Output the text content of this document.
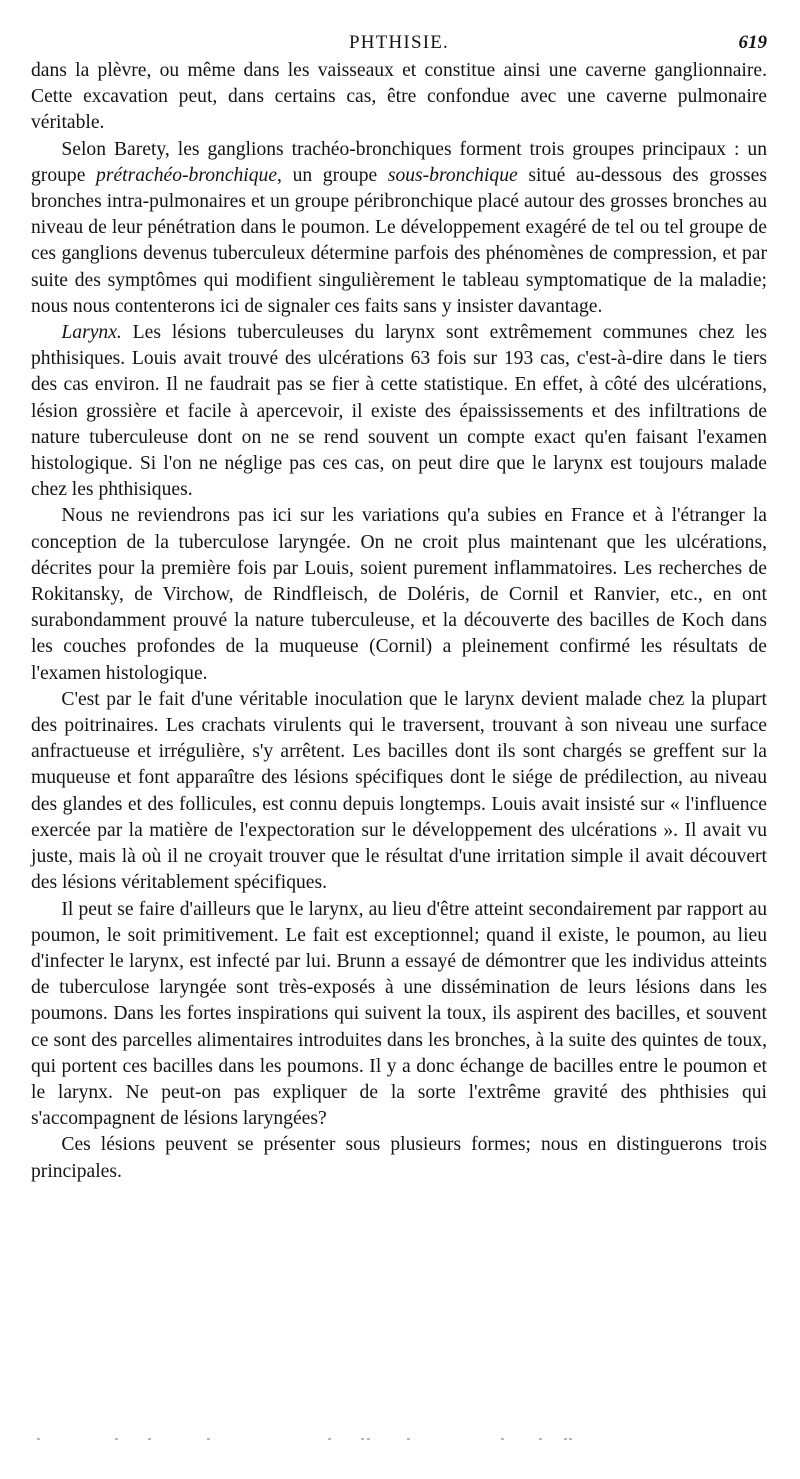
PHTHISIE.	619

dans la plèvre, ou même dans les vaisseaux et constitue ainsi une caverne ganglionnaire. Cette excavation peut, dans certains cas, être confondue avec une caverne pulmonaire véritable.

Selon Barety, les ganglions trachéo-bronchiques forment trois groupes principaux : un groupe prétrachéo-bronchique, un groupe sous-bronchique situé au-dessous des grosses bronches intra-pulmonaires et un groupe péribronchique placé autour des grosses bronches au niveau de leur pénétration dans le poumon. Le développement exagéré de tel ou tel groupe de ces ganglions devenus tuberculeux détermine parfois des phénomènes de compression, et par suite des symptômes qui modifient singulièrement le tableau symptomatique de la maladie; nous nous contenterons ici de signaler ces faits sans y insister davantage.

Larynx. Les lésions tuberculeuses du larynx sont extrêmement communes chez les phthisiques. Louis avait trouvé des ulcérations 63 fois sur 193 cas, c'est-à-dire dans le tiers des cas environ. Il ne faudrait pas se fier à cette statistique. En effet, à côté des ulcérations, lésion grossière et facile à apercevoir, il existe des épaississements et des infiltrations de nature tuberculeuse dont on ne se rend souvent un compte exact qu'en faisant l'examen histologique. Si l'on ne néglige pas ces cas, on peut dire que le larynx est toujours malade chez les phthisiques.

Nous ne reviendrons pas ici sur les variations qu'a subies en France et à l'étranger la conception de la tuberculose laryngée. On ne croit plus maintenant que les ulcérations, décrites pour la première fois par Louis, soient purement inflammatoires. Les recherches de Rokitansky, de Virchow, de Rindfleisch, de Doléris, de Cornil et Ranvier, etc., en ont surabondamment prouvé la nature tuberculeuse, et la découverte des bacilles de Koch dans les couches profondes de la muqueuse (Cornil) a pleinement confirmé les résultats de l'examen histologique.

C'est par le fait d'une véritable inoculation que le larynx devient malade chez la plupart des poitrinaires. Les crachats virulents qui le traversent, trouvant à son niveau une surface anfractueuse et irrégulière, s'y arrêtent. Les bacilles dont ils sont chargés se greffent sur la muqueuse et font apparaître des lésions spécifiques dont le siége de prédilection, au niveau des glandes et des follicules, est connu depuis longtemps. Louis avait insisté sur « l'influence exercée par la matière de l'expectoration sur le développement des ulcérations ». Il avait vu juste, mais là où il ne croyait trouver que le résultat d'une irritation simple il avait découvert des lésions véritablement spécifiques.

Il peut se faire d'ailleurs que le larynx, au lieu d'être atteint secondairement par rapport au poumon, le soit primitivement. Le fait est exceptionnel; quand il existe, le poumon, au lieu d'infecter le larynx, est infecté par lui. Brunn a essayé de démontrer que les individus atteints de tuberculose laryngée sont très-exposés à une dissémination de leurs lésions dans les poumons. Dans les fortes inspirations qui suivent la toux, ils aspirent des bacilles, et souvent ce sont des parcelles alimentaires introduites dans les bronches, à la suite des quintes de toux, qui portent ces bacilles dans les poumons. Il y a donc échange de bacilles entre le poumon et le larynx. Ne peut-on pas expliquer de la sorte l'extrême gravité des phthisies qui s'accompagnent de lésions laryngées?

Ces lésions peuvent se présenter sous plusieurs formes; nous en distinguerons trois principales.
